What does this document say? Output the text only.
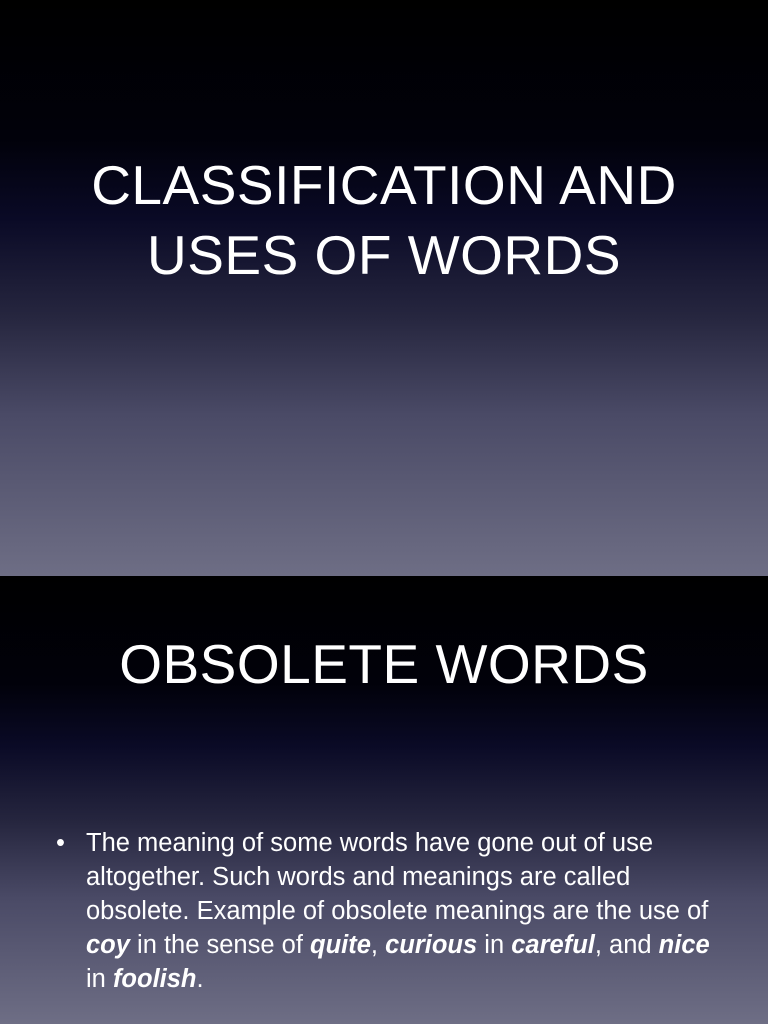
CLASSIFICATION AND
USES OF WORDS
OBSOLETE WORDS
• The meaning of some words have gone out of use altogether. Such words and meanings are called obsolete. Example of obsolete meanings are the use of coy in the sense of quite, curious in careful, and nice in foolish.
